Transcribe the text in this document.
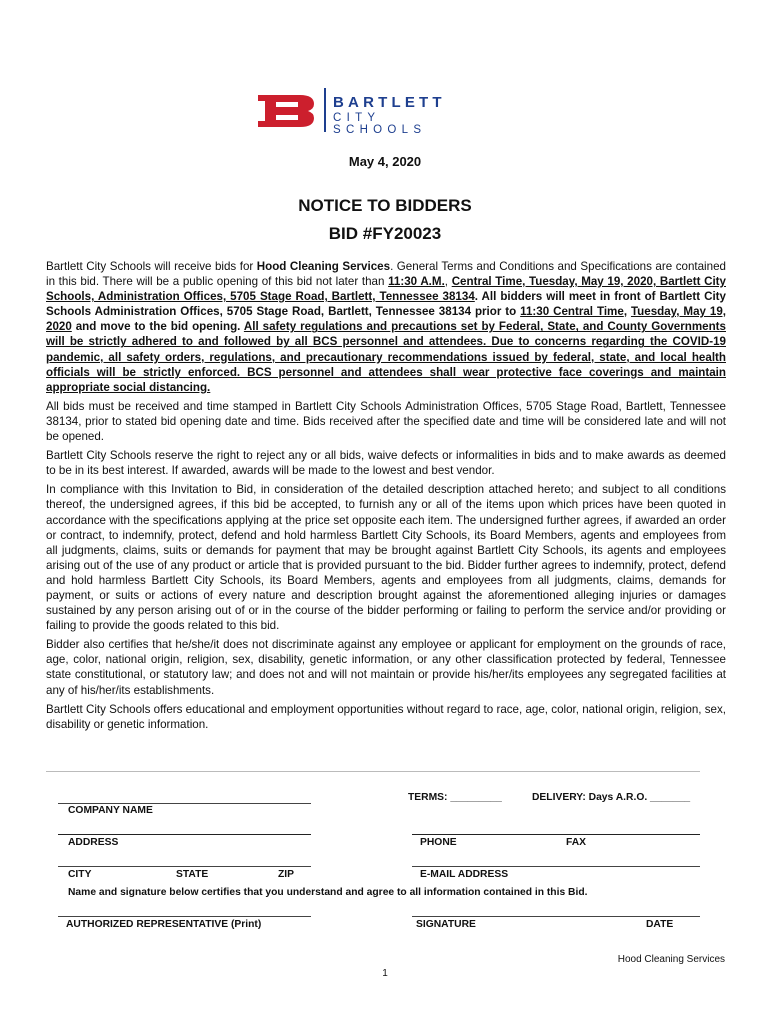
BARTLETT
CITY SCHOOLS
May 4, 2020
NOTICE TO BIDDERS
BID #FY20023

Bartlett City Schools will receive bids for Hood Cleaning Services. General Terms and Conditions and Specifications are contained in this bid. There will be a public opening of this bid not later than 11:30 A.M., Central Time, Tuesday, May 19, 2020, Bartlett City Schools, Administration Offices, 5705 Stage Road, Bartlett, Tennessee 38134. All bidders will meet in front of Bartlett City Schools Administration Offices, 5705 Stage Road, Bartlett, Tennessee 38134 prior to 11:30 Central Time, Tuesday, May 19, 2020 and move to the bid opening. All safety regulations and precautions set by Federal, State, and County Governments will be strictly adhered to and followed by all BCS personnel and attendees. Due to concerns regarding the COVID-19 pandemic, all safety orders, regulations, and precautionary recommendations issued by federal, state, and local health officials will be strictly enforced. BCS personnel and attendees shall wear protective face coverings and maintain appropriate social distancing.

All bids must be received and time stamped in Bartlett City Schools Administration Offices, 5705 Stage Road, Bartlett, Tennessee 38134, prior to stated bid opening date and time. Bids received after the specified date and time will be considered late and will not be opened.

Bartlett City Schools reserve the right to reject any or all bids, waive defects or informalities in bids and to make awards as deemed to be in its best interest. If awarded, awards will be made to the lowest and best vendor.

In compliance with this Invitation to Bid, in consideration of the detailed description attached hereto; and subject to all conditions thereof, the undersigned agrees, if this bid be accepted, to furnish any or all of the items upon which prices have been quoted in accordance with the specifications applying at the price set opposite each item. The undersigned further agrees, if awarded an order or contract, to indemnify, protect, defend and hold harmless Bartlett City Schools, its Board Members, agents and employees from all judgments, claims, suits or demands for payment that may be brought against Bartlett City Schools, its agents and employees arising out of the use of any product or article that is provided pursuant to the bid. Bidder further agrees to indemnify, protect, defend and hold harmless Bartlett City Schools, its Board Members, agents and employees from all judgments, claims, demands for payment, or suits or actions of every nature and description brought against the aforementioned alleging injuries or damages sustained by any person arising out of or in the course of the bidder performing or failing to perform the service and/or providing or failing to provide the goods related to this bid.

Bidder also certifies that he/she/it does not discriminate against any employee or applicant for employment on the grounds of race, age, color, national origin, religion, sex, disability, genetic information, or any other classification protected by federal, Tennessee state constitutional, or statutory law; and does not and will not maintain or provide his/her/its employees any segregated facilities at any of his/her/its establishments.

Bartlett City Schools offers educational and employment opportunities without regard to race, age, color, national origin, religion, sex, disability or genetic information.

TERMS: _________	DELIVERY: Days A.R.O. _______
COMPANY NAME
ADDRESS	PHONE	FAX
CITY	STATE	ZIP	E-MAIL ADDRESS
Name and signature below certifies that you understand and agree to all information contained in this Bid.
AUTHORIZED REPRESENTATIVE (Print)	SIGNATURE	DATE
Hood Cleaning Services
1
